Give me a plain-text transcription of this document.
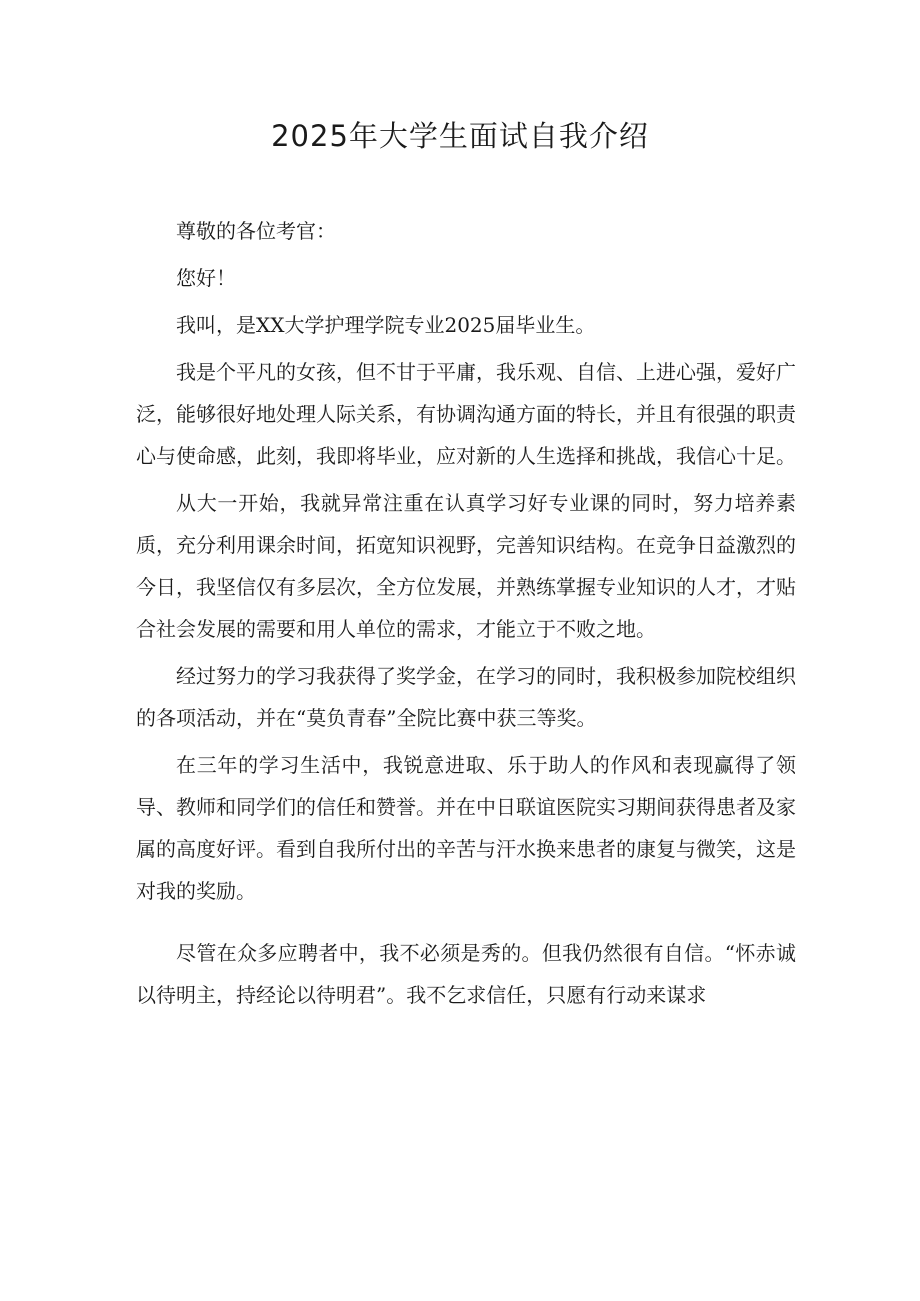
2025年大学生面试自我介绍

尊敬的各位考官：

您好！

我叫，是XX大学护理学院专业2025届毕业生。

我是个平凡的女孩，但不甘于平庸，我乐观、自信、上进心强，爱好广泛，能够很好地处理人际关系，有协调沟通方面的特长，并且有很强的职责心与使命感，此刻，我即将毕业，应对新的人生选择和挑战，我信心十足。

从大一开始，我就异常注重在认真学习好专业课的同时，努力培养素质，充分利用课余时间，拓宽知识视野，完善知识结构。在竞争日益激烈的今日，我坚信仅有多层次，全方位发展，并熟练掌握专业知识的人才，才贴合社会发展的需要和用人单位的需求，才能立于不败之地。

经过努力的学习我获得了奖学金，在学习的同时，我积极参加院校组织的各项活动，并在“莫负青春”全院比赛中获三等奖。

在三年的学习生活中，我锐意进取、乐于助人的作风和表现赢得了领导、教师和同学们的信任和赞誉。并在中日联谊医院实习期间获得患者及家属的高度好评。看到自我所付出的辛苦与汗水换来患者的康复与微笑，这是对我的奖励。

尽管在众多应聘者中，我不必须是秀的。但我仍然很有自信。“怀赤诚以待明主，持经论以待明君”。我不乞求信任，只愿有行动来谋求
